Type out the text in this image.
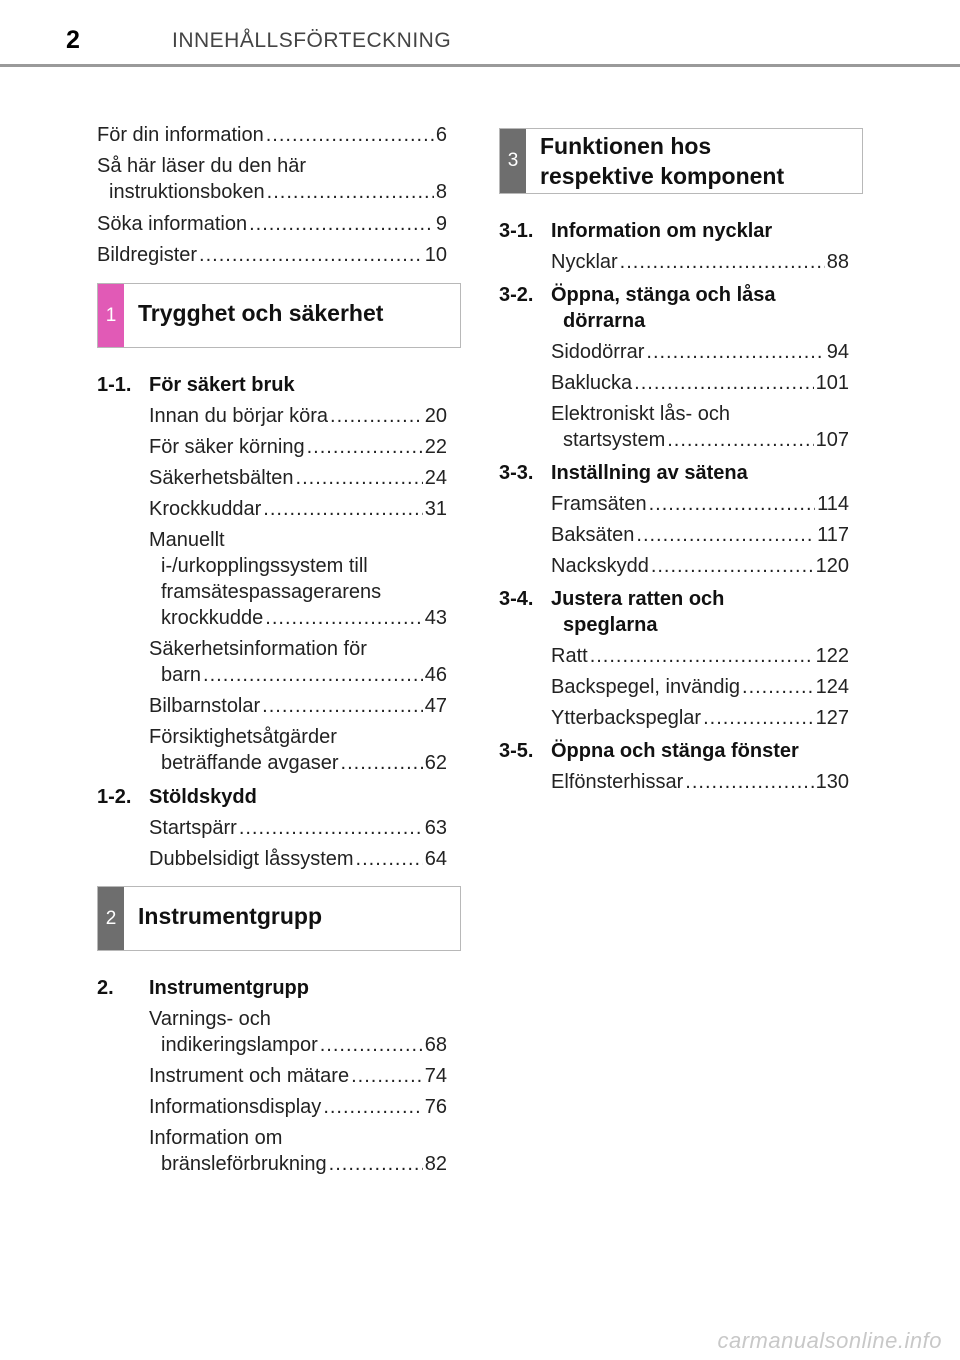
2	INNEHÅLLSFÖRTECKNING
För din information .....	6
Så här läser du den här
instruktionsboken .....	8
Söka information .....	9
Bildregister .....	10
1 Trygghet och säkerhet
1-1. För säkert bruk
Innan du börjar köra .....	20
För säker körning .....	22
Säkerhetsbälten .....	24
Krockkuddar .....	31
Manuellt
i-/urkopplingssystem till
framsätespassagerarens
krockkudde .....	43
Säkerhetsinformation för
barn .....	46
Bilbarnstolar .....	47
Försiktighetsåtgärder
beträffande avgaser .....	62
1-2. Stöldskydd
Startspärr .....	63
Dubbelsidigt låssystem .....	64
2 Instrumentgrupp
2.	Instrumentgrupp
Varnings- och
indikeringslampor .....	68
Instrument och mätare .....	74
Informationsdisplay .....	76
Information om
bränsleförbrukning .....	82
3
Funktionen hos
respektive komponent
3-1. Information om nycklar
Nycklar .....	88
3-2. Öppna, stänga och låsa
dörrarna
Sidodörrar .....	94
Baklucka .....	101
Elektroniskt lås- och
startsystem .....	107
3-3. Inställning av sätena
Framsäten .....	114
Baksäten .....	117
Nackskydd .....	120
3-4. Justera ratten och
speglarna
Ratt .....	122
Backspegel, invändig .....	124
Ytterbackspeglar .....	127
3-5. Öppna och stänga fönster
Elfönsterhissar .....	130
carmanualsonline.info
